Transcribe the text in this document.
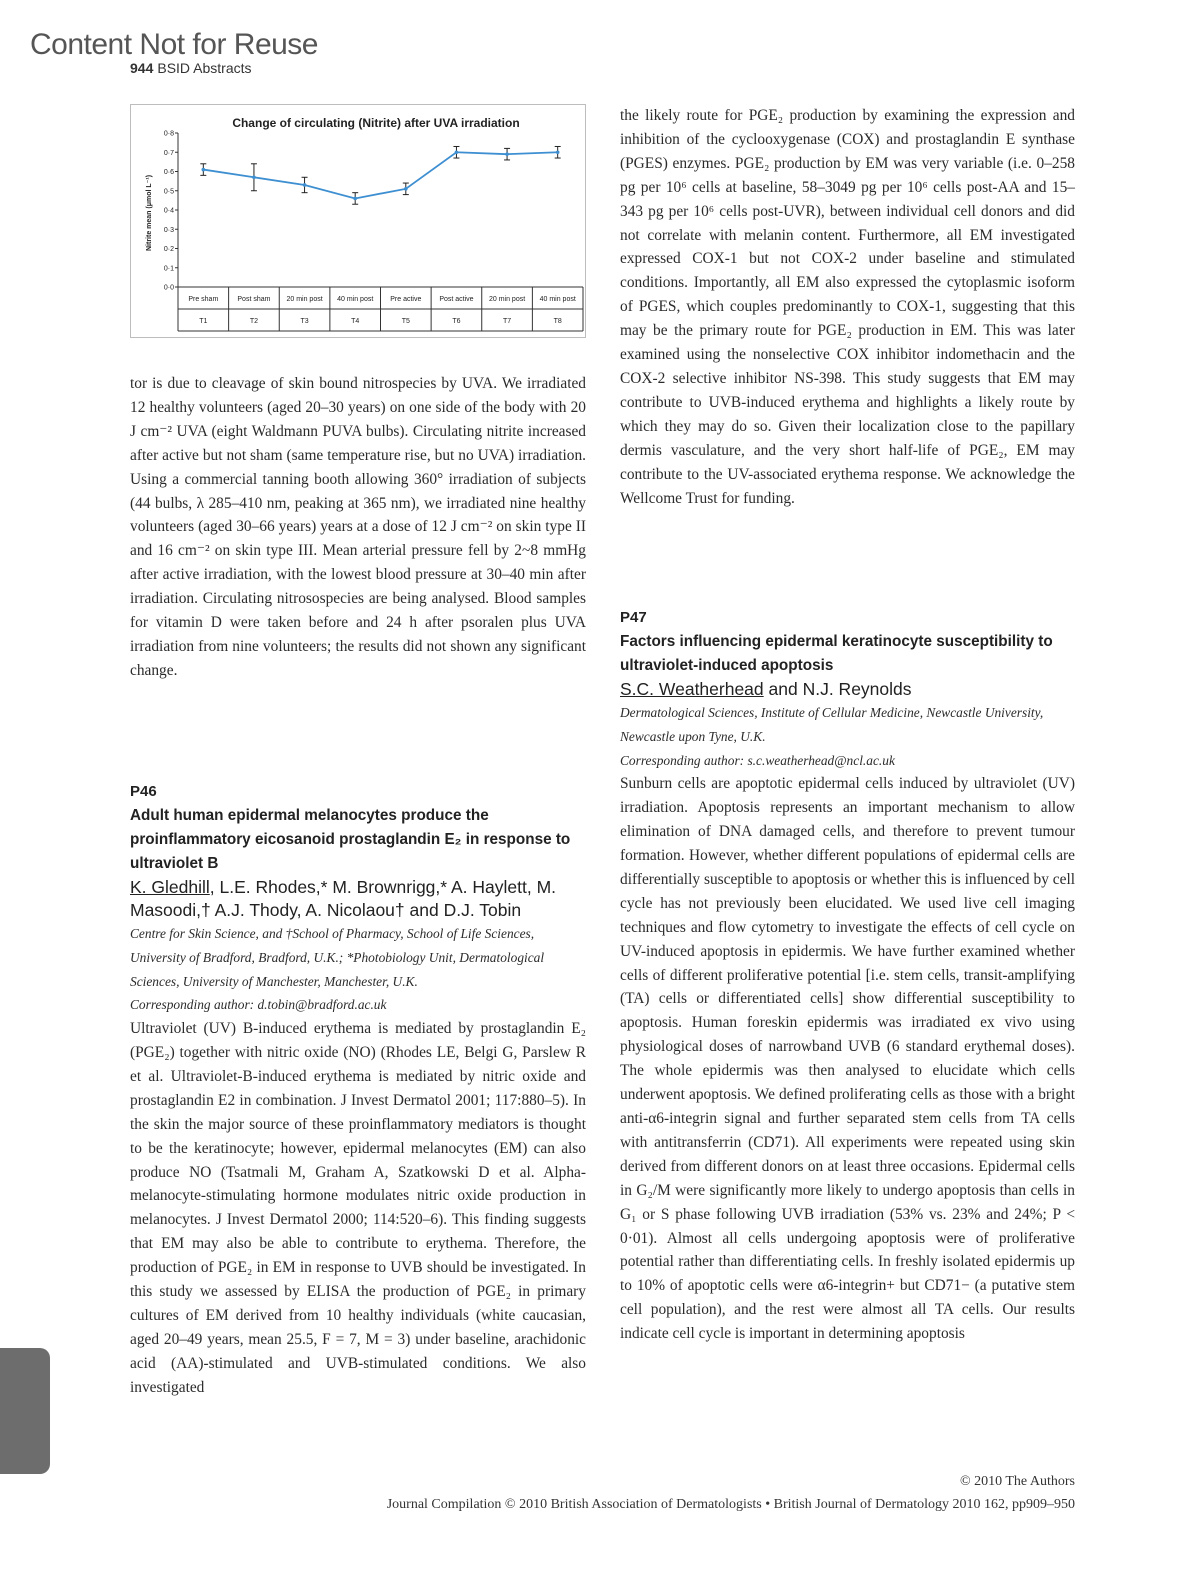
Content Not for Reuse
944 BSID Abstracts
Change of circulating (Nitrite) after UVA irradiation
Nitrite mean (μmol L⁻¹)
0·0
0·1
0·2
0·3
0·4
0·5
0·6
0·7
0·8
Pre sham
T1
Post sham
T2
20 min post
T3
40 min post
T4
Pre active
T5
Post active
T6
20 min post
T7
40 min post
T8

tor is due to cleavage of skin bound nitrospecies by UVA. We irradiated 12 healthy volunteers (aged 20–30 years) on one side of the body with 20 J cm⁻² UVA (eight Waldmann PUVA bulbs). Circulating nitrite increased after active but not sham (same temperature rise, but no UVA) irradiation. Using a commercial tanning booth allowing 360° irradiation of subjects (44 bulbs, λ 285–410 nm, peaking at 365 nm), we irradiated nine healthy volunteers (aged 30–66 years) years at a dose of 12 J cm⁻² on skin type II and 16 cm⁻² on skin type III. Mean arterial pressure fell by 2~8 mmHg after active irradiation, with the lowest blood pressure at 30–40 min after irradiation. Circulating nitrosospecies are being analysed. Blood samples for vitamin D were taken before and 24 h after psoralen plus UVA irradiation from nine volunteers; the results did not shown any significant change.

P46
Adult human epidermal melanocytes produce the proinflammatory eicosanoid prostaglandin E₂ in response to ultraviolet B
K. Gledhill, L.E. Rhodes,* M. Brownrigg,* A. Haylett, M. Masoodi,† A.J. Thody, A. Nicolaou† and D.J. Tobin
Centre for Skin Science, and †School of Pharmacy, School of Life Sciences, University of Bradford, Bradford, U.K.; *Photobiology Unit, Dermatological Sciences, University of Manchester, Manchester, U.K.
Corresponding author: d.tobin@bradford.ac.uk

Ultraviolet (UV) B-induced erythema is mediated by prostaglandin E₂ (PGE₂) together with nitric oxide (NO) (Rhodes LE, Belgi G, Parslew R et al. Ultraviolet-B-induced erythema is mediated by nitric oxide and prostaglandin E2 in combination. J Invest Dermatol 2001; 117:880–5). In the skin the major source of these proinflammatory mediators is thought to be the keratinocyte; however, epidermal melanocytes (EM) can also produce NO (Tsatmali M, Graham A, Szatkowski D et al. Alpha-melanocyte-stimulating hormone modulates nitric oxide production in melanocytes. J Invest Dermatol 2000; 114:520–6). This finding suggests that EM may also be able to contribute to erythema. Therefore, the production of PGE₂ in EM in response to UVB should be investigated. In this study we assessed by ELISA the production of PGE₂ in primary cultures of EM derived from 10 healthy individuals (white caucasian, aged 20–49 years, mean 25.5, F = 7, M = 3) under baseline, arachidonic acid (AA)-stimulated and UVB-stimulated conditions. We also investigated

the likely route for PGE₂ production by examining the expression and inhibition of the cyclooxygenase (COX) and prostaglandin E synthase (PGES) enzymes. PGE₂ production by EM was very variable (i.e. 0–258 pg per 10⁶ cells at baseline, 58–3049 pg per 10⁶ cells post-AA and 15–343 pg per 10⁶ cells post-UVR), between individual cell donors and did not correlate with melanin content. Furthermore, all EM investigated expressed COX-1 but not COX-2 under baseline and stimulated conditions. Importantly, all EM also expressed the cytoplasmic isoform of PGES, which couples predominantly to COX-1, suggesting that this may be the primary route for PGE₂ production in EM. This was later examined using the nonselective COX inhibitor indomethacin and the COX-2 selective inhibitor NS-398. This study suggests that EM may contribute to UVB-induced erythema and highlights a likely route by which they may do so. Given their localization close to the papillary dermis vasculature, and the very short half-life of PGE₂, EM may contribute to the UV-associated erythema response. We acknowledge the Wellcome Trust for funding.

P47
Factors influencing epidermal keratinocyte susceptibility to ultraviolet-induced apoptosis
S.C. Weatherhead and N.J. Reynolds
Dermatological Sciences, Institute of Cellular Medicine, Newcastle University, Newcastle upon Tyne, U.K.
Corresponding author: s.c.weatherhead@ncl.ac.uk

Sunburn cells are apoptotic epidermal cells induced by ultraviolet (UV) irradiation. Apoptosis represents an important mechanism to allow elimination of DNA damaged cells, and therefore to prevent tumour formation. However, whether different populations of epidermal cells are differentially susceptible to apoptosis or whether this is influenced by cell cycle has not previously been elucidated. We used live cell imaging techniques and flow cytometry to investigate the effects of cell cycle on UV-induced apoptosis in epidermis. We have further examined whether cells of different proliferative potential [i.e. stem cells, transit-amplifying (TA) cells or differentiated cells] show differential susceptibility to apoptosis. Human foreskin epidermis was irradiated ex vivo using physiological doses of narrowband UVB (6 standard erythemal doses). The whole epidermis was then analysed to elucidate which cells underwent apoptosis. We defined proliferating cells as those with a bright anti-α6-integrin signal and further separated stem cells from TA cells with antitransferrin (CD71). All experiments were repeated using skin derived from different donors on at least three occasions. Epidermal cells in G₂/M were significantly more likely to undergo apoptosis than cells in G₁ or S phase following UVB irradiation (53% vs. 23% and 24%; P < 0·01). Almost all cells undergoing apoptosis were of proliferative potential rather than differentiating cells. In freshly isolated epidermis up to 10% of apoptotic cells were α6-integrin+ but CD71− (a putative stem cell population), and the rest were almost all TA cells. Our results indicate cell cycle is important in determining apoptosis

© 2010 The Authors
Journal Compilation © 2010 British Association of Dermatologists • British Journal of Dermatology 2010 162, pp909–950
